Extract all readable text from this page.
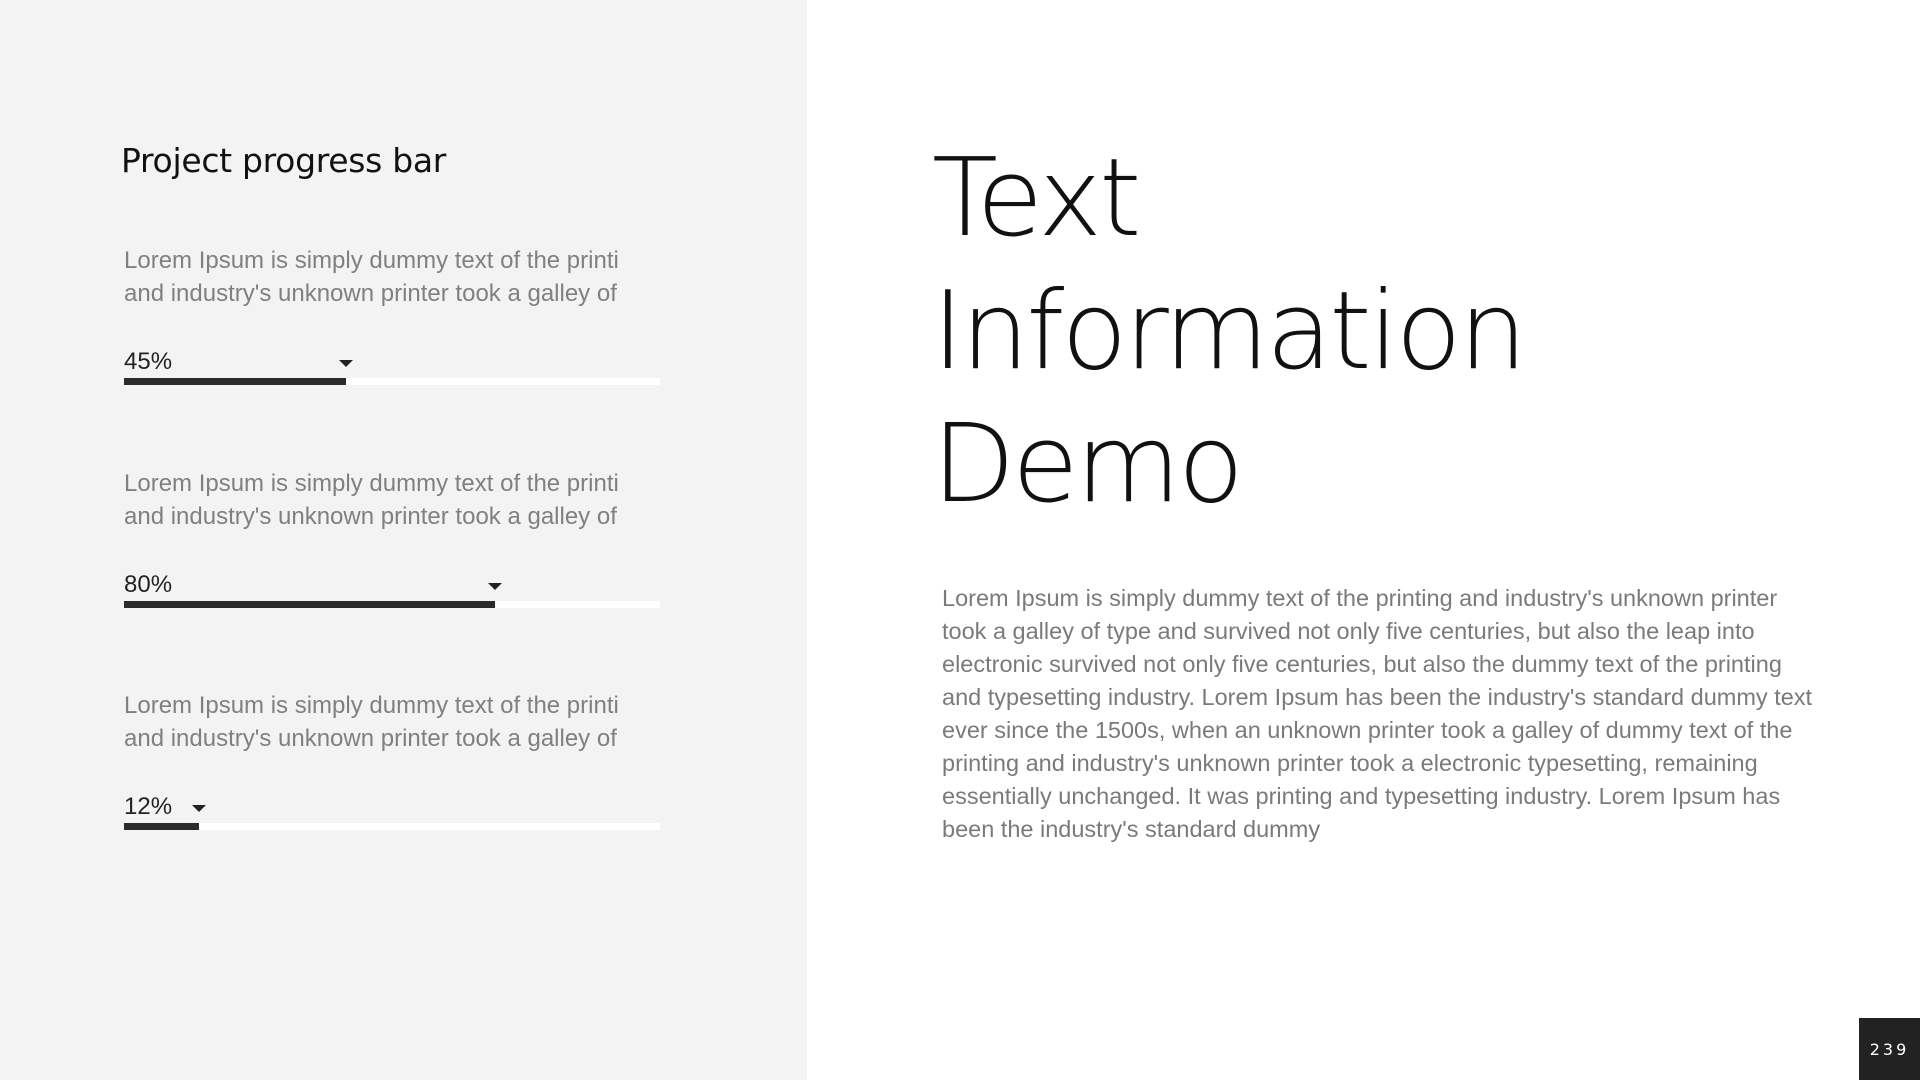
Project progress bar
Lorem Ipsum is simply dummy text of the printi
and industry's unknown printer took a galley of
45%
Lorem Ipsum is simply dummy text of the printi
and industry's unknown printer took a galley of
80%
Lorem Ipsum is simply dummy text of the printi
and industry's unknown printer took a galley of
12%
Text
Information
Demo

Lorem Ipsum is simply dummy text of the printing and industry's unknown printer took a galley of type and survived not only five centuries, but also the leap into electronic survived not only five centuries, but also the dummy text of the printing and typesetting industry. Lorem Ipsum has been the industry's standard dummy text ever since the 1500s, when an unknown printer took a galley of dummy text of the printing and industry's unknown printer took a electronic typesetting, remaining essentially unchanged. It was printing and typesetting industry. Lorem Ipsum has been the industry's standard dummy

239
